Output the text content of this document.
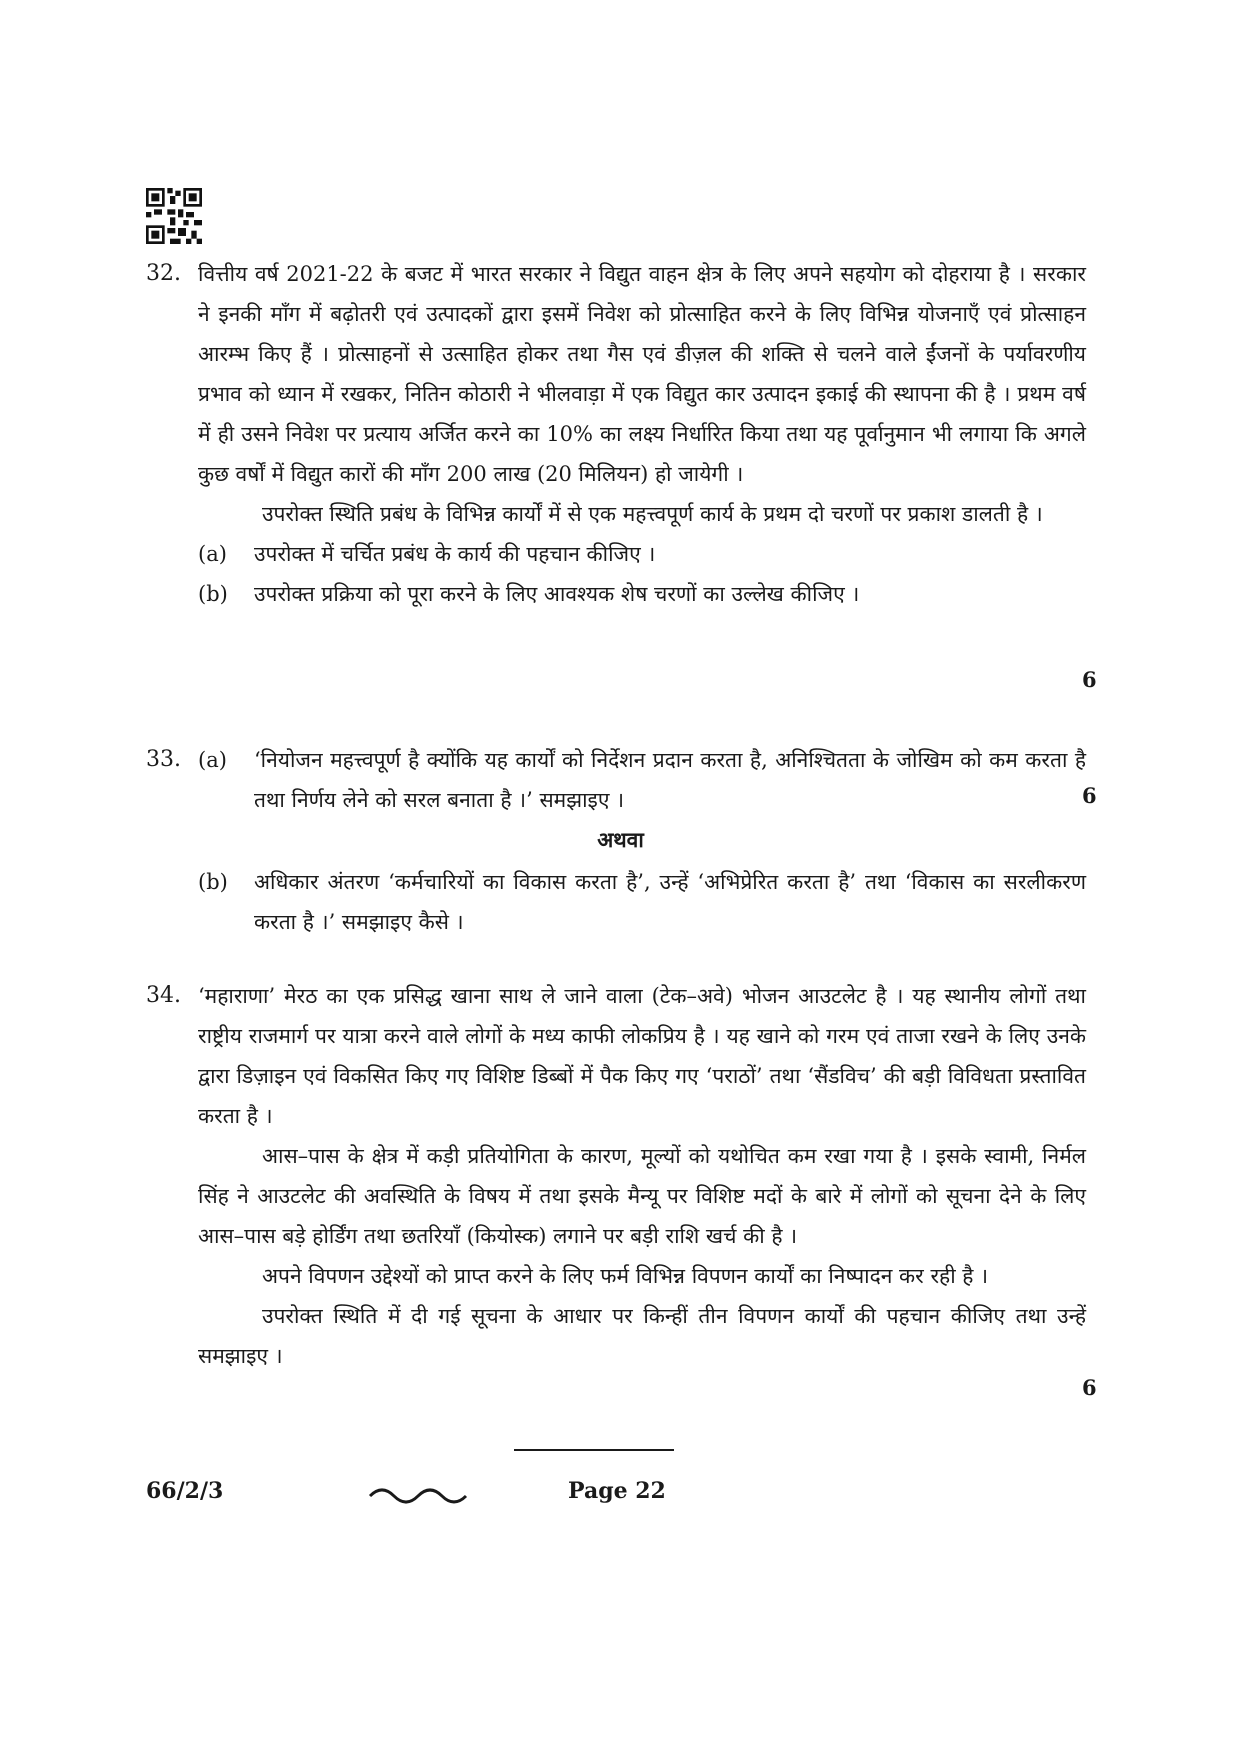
32. वित्तीय वर्ष 2021-22 के बजट में भारत सरकार ने विद्युत वाहन क्षेत्र के लिए अपने सहयोग को दोहराया है । सरकार ने इनकी माँग में बढ़ोतरी एवं उत्पादकों द्वारा इसमें निवेश को प्रोत्साहित करने के लिए विभिन्न योजनाएँ एवं प्रोत्साहन आरम्भ किए हैं । प्रोत्साहनों से उत्साहित होकर तथा गैस एवं डीज़ल की शक्ति से चलने वाले ईंजनों के पर्यावरणीय प्रभाव को ध्यान में रखकर, नितिन कोठारी ने भीलवाड़ा में एक विद्युत कार उत्पादन इकाई की स्थापना की है । प्रथम वर्ष में ही उसने निवेश पर प्रत्याय अर्जित करने का 10% का लक्ष्य निर्धारित किया तथा यह पूर्वानुमान भी लगाया कि अगले कुछ वर्षों में विद्युत कारों की माँग 200 लाख (20 मिलियन) हो जायेगी ।

उपरोक्त स्थिति प्रबंध के विभिन्न कार्यों में से एक महत्त्वपूर्ण कार्य के प्रथम दो चरणों पर प्रकाश डालती है ।

(a) उपरोक्त में चर्चित प्रबंध के कार्य की पहचान कीजिए ।
(b) उपरोक्त प्रक्रिया को पूरा करने के लिए आवश्यक शेष चरणों का उल्लेख कीजिए ।
6
33. (a) ‘नियोजन महत्त्वपूर्ण है क्योंकि यह कार्यों को निर्देशन प्रदान करता है, अनिश्चितता के जोखिम को कम करता है तथा निर्णय लेने को सरल बनाता है ।’ समझाइए ।	6
अथवा
(b) अधिकार अंतरण ‘कर्मचारियों का विकास करता है’, उन्हें ‘अभिप्रेरित करता है’ तथा ‘विकास का सरलीकरण करता है ।’ समझाइए कैसे ।
34. ‘महाराणा’ मेरठ का एक प्रसिद्ध खाना साथ ले जाने वाला (टेक–अवे) भोजन आउटलेट है । यह स्थानीय लोगों तथा राष्ट्रीय राजमार्ग पर यात्रा करने वाले लोगों के मध्य काफी लोकप्रिय है । यह खाने को गरम एवं ताजा रखने के लिए उनके द्वारा डिज़ाइन एवं विकसित किए गए विशिष्ट डिब्बों में पैक किए गए ‘पराठों’ तथा ‘सैंडविच’ की बड़ी विविधता प्रस्तावित करता है ।

आस–पास के क्षेत्र में कड़ी प्रतियोगिता के कारण, मूल्यों को यथोचित कम रखा गया है । इसके स्वामी, निर्मल सिंह ने आउटलेट की अवस्थिति के विषय में तथा इसके मैन्यू पर विशिष्ट मदों के बारे में लोगों को सूचना देने के लिए आस–पास बड़े होर्डिंग तथा छतरियाँ (कियोस्क) लगाने पर बड़ी राशि खर्च की है ।

अपने विपणन उद्देश्यों को प्राप्त करने के लिए फर्म विभिन्न विपणन कार्यों का निष्पादन कर रही है ।

उपरोक्त स्थिति में दी गई सूचना के आधार पर किन्हीं तीन विपणन कार्यों की पहचान कीजिए तथा उन्हें समझाइए ।

6
66/2/3	Page 22
